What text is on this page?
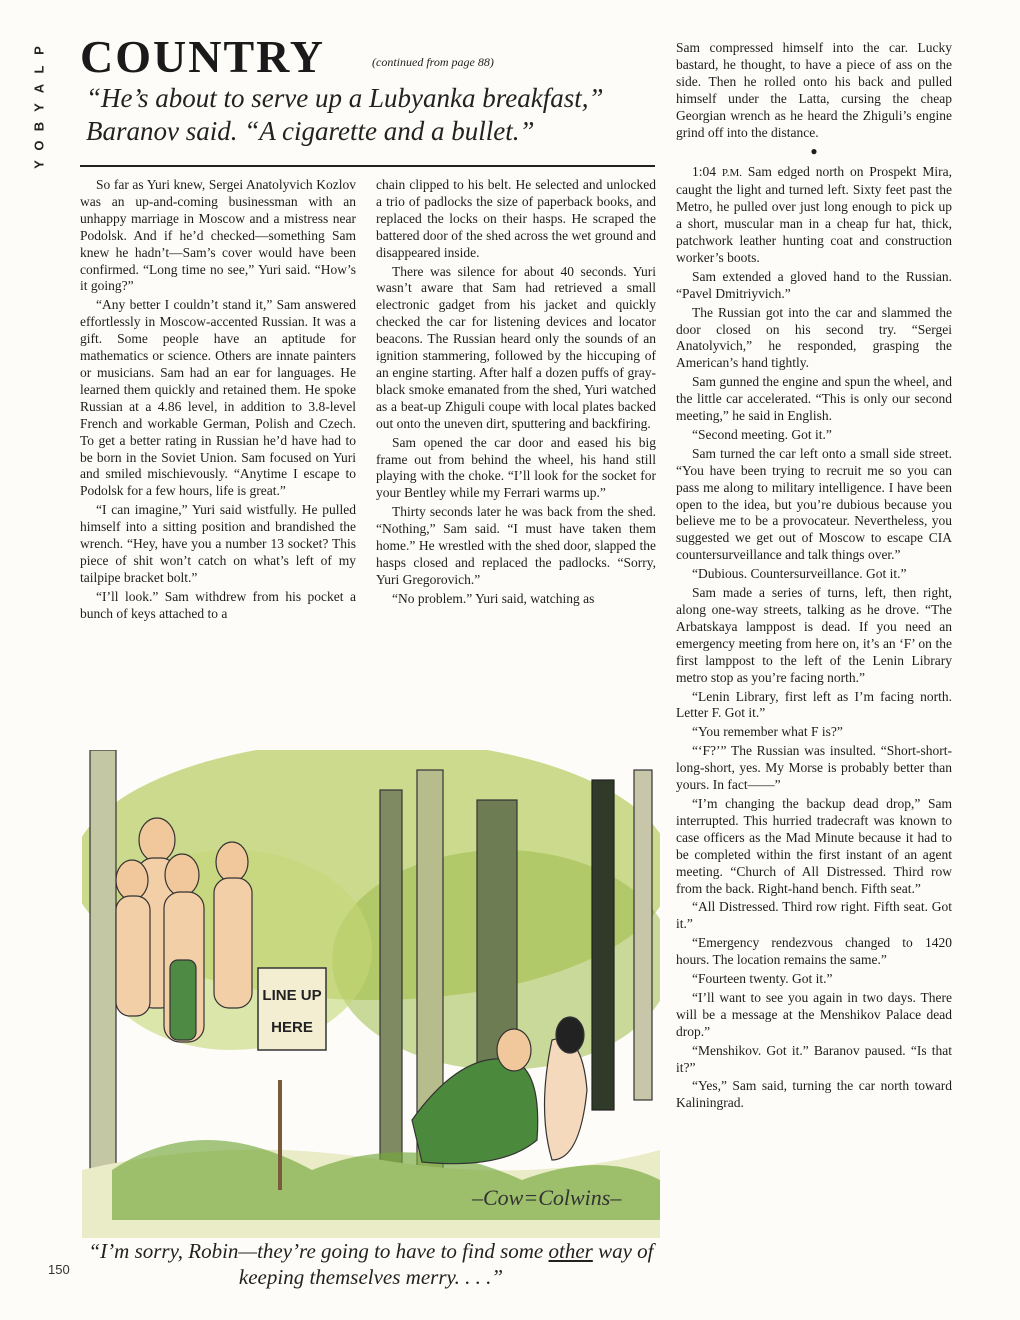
P
L
A
Y
B
O
Y
COUNTRY	(continued from page 88)
“He’s about to serve up a Lubyanka breakfast,” Baranov said. “A cigarette and a bullet.”

So far as Yuri knew, Sergei Anatolyvich Kozlov was an up-and-coming businessman with an unhappy marriage in Moscow and a mistress near Podolsk. And if he’d checked—something Sam knew he hadn’t—Sam’s cover would have been confirmed. “Long time no see,” Yuri said. “How’s it going?”

“Any better I couldn’t stand it,” Sam answered effortlessly in Moscow-accented Russian. It was a gift. Some people have an aptitude for mathematics or science. Others are innate painters or musicians. Sam had an ear for languages. He learned them quickly and retained them. He spoke Russian at a 4.86 level, in addition to 3.8-level French and workable German, Polish and Czech. To get a better rating in Russian he’d have had to be born in the Soviet Union. Sam focused on Yuri and smiled mischievously. “Anytime I escape to Podolsk for a few hours, life is great.”

“I can imagine,” Yuri said wistfully. He pulled himself into a sitting position and brandished the wrench. “Hey, have you a number 13 socket? This piece of shit won’t catch on what’s left of my tailpipe bracket bolt.”

“I’ll look.” Sam withdrew from his pocket a bunch of keys attached to a

chain clipped to his belt. He selected and unlocked a trio of padlocks the size of paperback books, and replaced the locks on their hasps. He scraped the battered door of the shed across the wet ground and disappeared inside.

There was silence for about 40 seconds. Yuri wasn’t aware that Sam had retrieved a small electronic gadget from his jacket and quickly checked the car for listening devices and locator beacons. The Russian heard only the sounds of an ignition stammering, followed by the hiccuping of an engine starting. After half a dozen puffs of gray-black smoke emanated from the shed, Yuri watched as a beat-up Zhiguli coupe with local plates backed out onto the uneven dirt, sputtering and backfiring.

Sam opened the car door and eased his big frame out from behind the wheel, his hand still playing with the choke. “I’ll look for the socket for your Bentley while my Ferrari warms up.”

Thirty seconds later he was back from the shed. “Nothing,” Sam said. “I must have taken them home.” He wrestled with the shed door, slapped the hasps closed and replaced the padlocks. “Sorry, Yuri Gregorovich.”

“No problem.” Yuri said, watching as

Sam compressed himself into the car. Lucky bastard, he thought, to have a piece of ass on the side. Then he rolled onto his back and pulled himself under the Latta, cursing the cheap Georgian wrench as he heard the Zhiguli’s engine grind off into the distance.

●

1:04 P.M. Sam edged north on Prospekt Mira, caught the light and turned left. Sixty feet past the Metro, he pulled over just long enough to pick up a short, muscular man in a cheap fur hat, thick, patchwork leather hunting coat and construction worker’s boots.

Sam extended a gloved hand to the Russian. “Pavel Dmitriyvich.”

The Russian got into the car and slammed the door closed on his second try. “Sergei Anatolyvich,” he responded, grasping the American’s hand tightly.

Sam gunned the engine and spun the wheel, and the little car accelerated. “This is only our second meeting,” he said in English.

“Second meeting. Got it.”

Sam turned the car left onto a small side street. “You have been trying to recruit me so you can pass me along to military intelligence. I have been open to the idea, but you’re dubious because you believe me to be a provocateur. Nevertheless, you suggested we get out of Moscow to escape CIA countersurveillance and talk things over.”

“Dubious. Countersurveillance. Got it.”

Sam made a series of turns, left, then right, along one-way streets, talking as he drove. “The Arbatskaya lamppost is dead. If you need an emergency meeting from here on, it’s an ‘F’ on the first lamppost to the left of the Lenin Library metro stop as you’re facing north.”

“Lenin Library, first left as I’m facing north. Letter F. Got it.”

“You remember what F is?”

“‘F?’” The Russian was insulted. “Short-short-long-short, yes. My Morse is probably better than yours. In fact——”

“I’m changing the backup dead drop,” Sam interrupted. This hurried tradecraft was known to case officers as the Mad Minute because it had to be completed within the first instant of an agent meeting. “Church of All Distressed. Third row from the back. Right-hand bench. Fifth seat.”

“All Distressed. Third row right. Fifth seat. Got it.”

“Emergency rendezvous changed to 1420 hours. The location remains the same.”

“Fourteen twenty. Got it.”

“I’ll want to see you again in two days. There will be a message at the Menshikov Palace dead drop.”

“Menshikov. Got it.” Baranov paused. “Is that it?”

“Yes,” Sam said, turning the car north toward Kaliningrad.

LINE UP
HERE
–Cow=Colwins–
“I’m sorry, Robin—they’re going to have to find some other way of keeping themselves merry. . . .”
150
